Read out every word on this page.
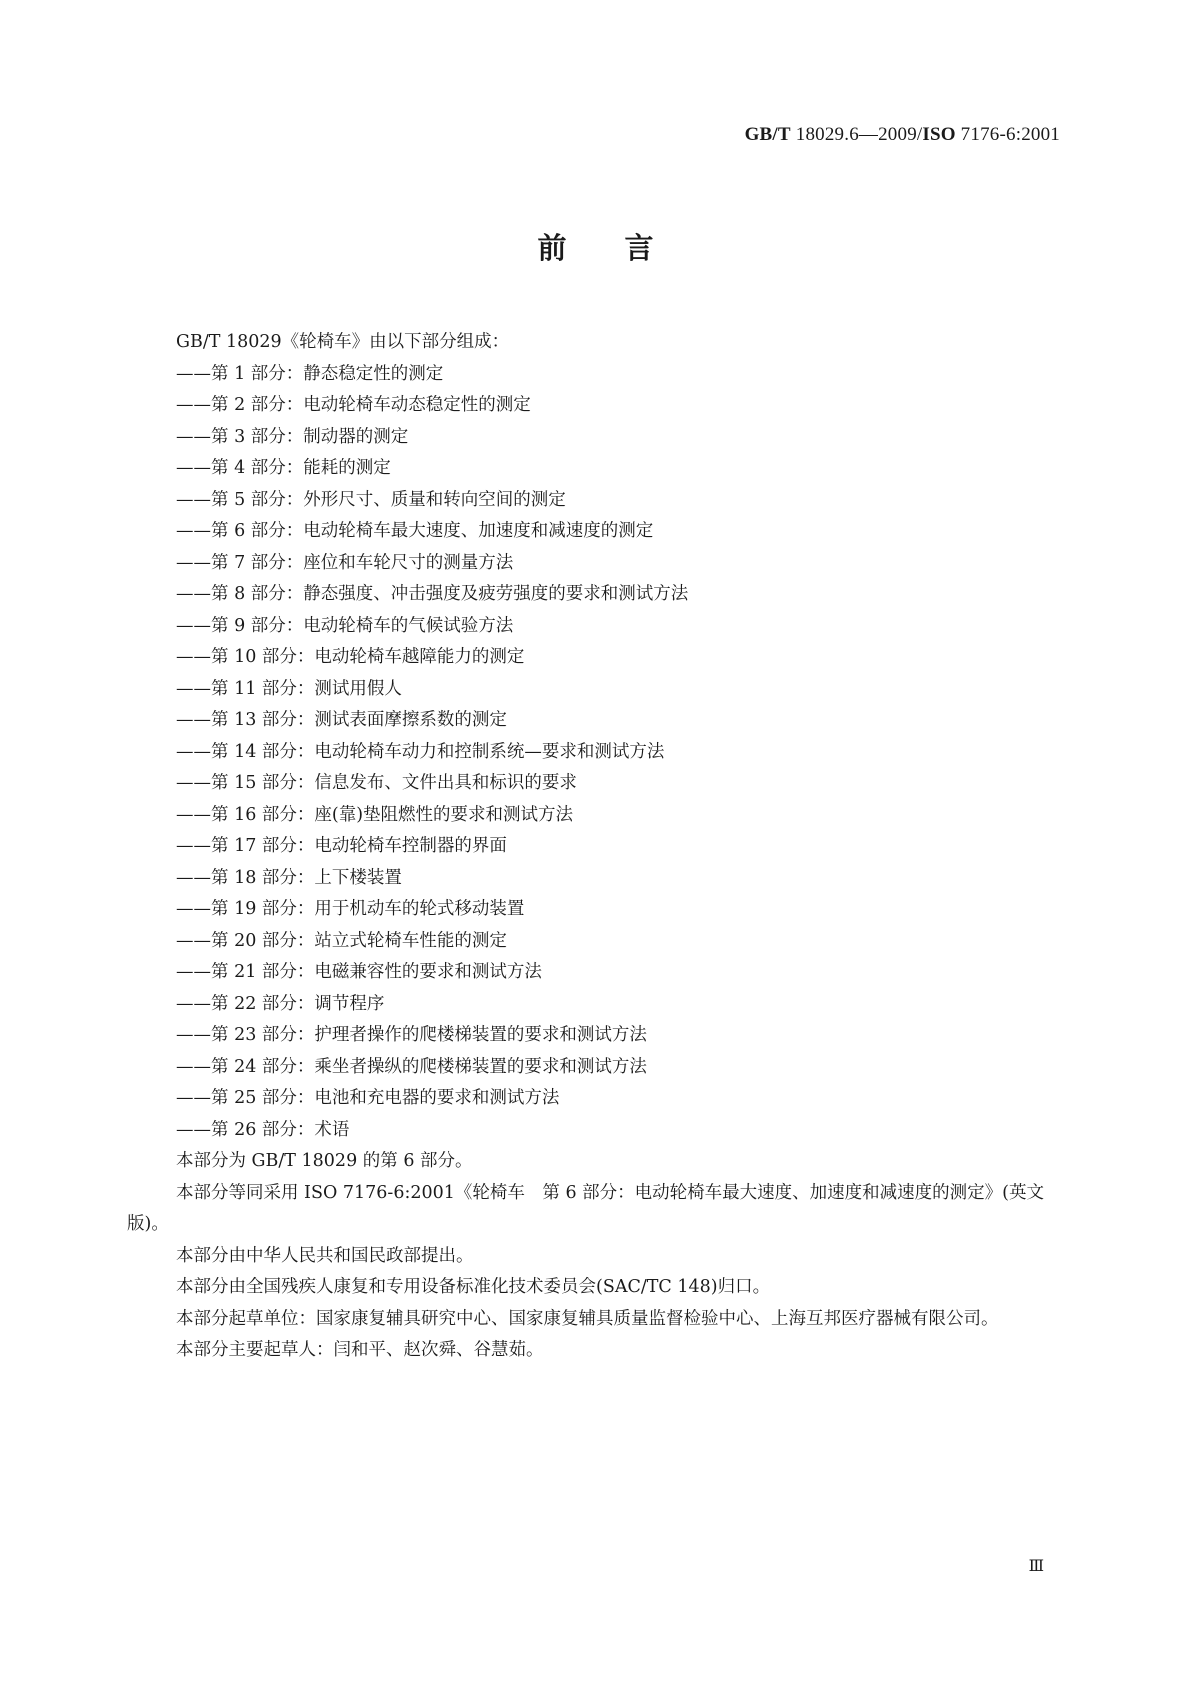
GB/T 18029.6—2009/ISO 7176-6:2001
前言
GB/T 18029《轮椅车》由以下部分组成：
——第 1 部分：静态稳定性的测定
——第 2 部分：电动轮椅车动态稳定性的测定
——第 3 部分：制动器的测定
——第 4 部分：能耗的测定
——第 5 部分：外形尺寸、质量和转向空间的测定
——第 6 部分：电动轮椅车最大速度、加速度和减速度的测定
——第 7 部分：座位和车轮尺寸的测量方法
——第 8 部分：静态强度、冲击强度及疲劳强度的要求和测试方法
——第 9 部分：电动轮椅车的气候试验方法
——第 10 部分：电动轮椅车越障能力的测定
——第 11 部分：测试用假人
——第 13 部分：测试表面摩擦系数的测定
——第 14 部分：电动轮椅车动力和控制系统—要求和测试方法
——第 15 部分：信息发布、文件出具和标识的要求
——第 16 部分：座(靠)垫阻燃性的要求和测试方法
——第 17 部分：电动轮椅车控制器的界面
——第 18 部分：上下楼装置
——第 19 部分：用于机动车的轮式移动装置
——第 20 部分：站立式轮椅车性能的测定
——第 21 部分：电磁兼容性的要求和测试方法
——第 22 部分：调节程序
——第 23 部分：护理者操作的爬楼梯装置的要求和测试方法
——第 24 部分：乘坐者操纵的爬楼梯装置的要求和测试方法
——第 25 部分：电池和充电器的要求和测试方法
——第 26 部分：术语
本部分为 GB/T 18029 的第 6 部分。
本部分等同采用 ISO 7176-6:2001《轮椅车　第 6 部分：电动轮椅车最大速度、加速度和减速度的测定》(英文版)。
本部分由中华人民共和国民政部提出。
本部分由全国残疾人康复和专用设备标准化技术委员会(SAC/TC 148)归口。
本部分起草单位：国家康复辅具研究中心、国家康复辅具质量监督检验中心、上海互邦医疗器械有限公司。
本部分主要起草人：闫和平、赵次舜、谷慧茹。
Ⅲ
